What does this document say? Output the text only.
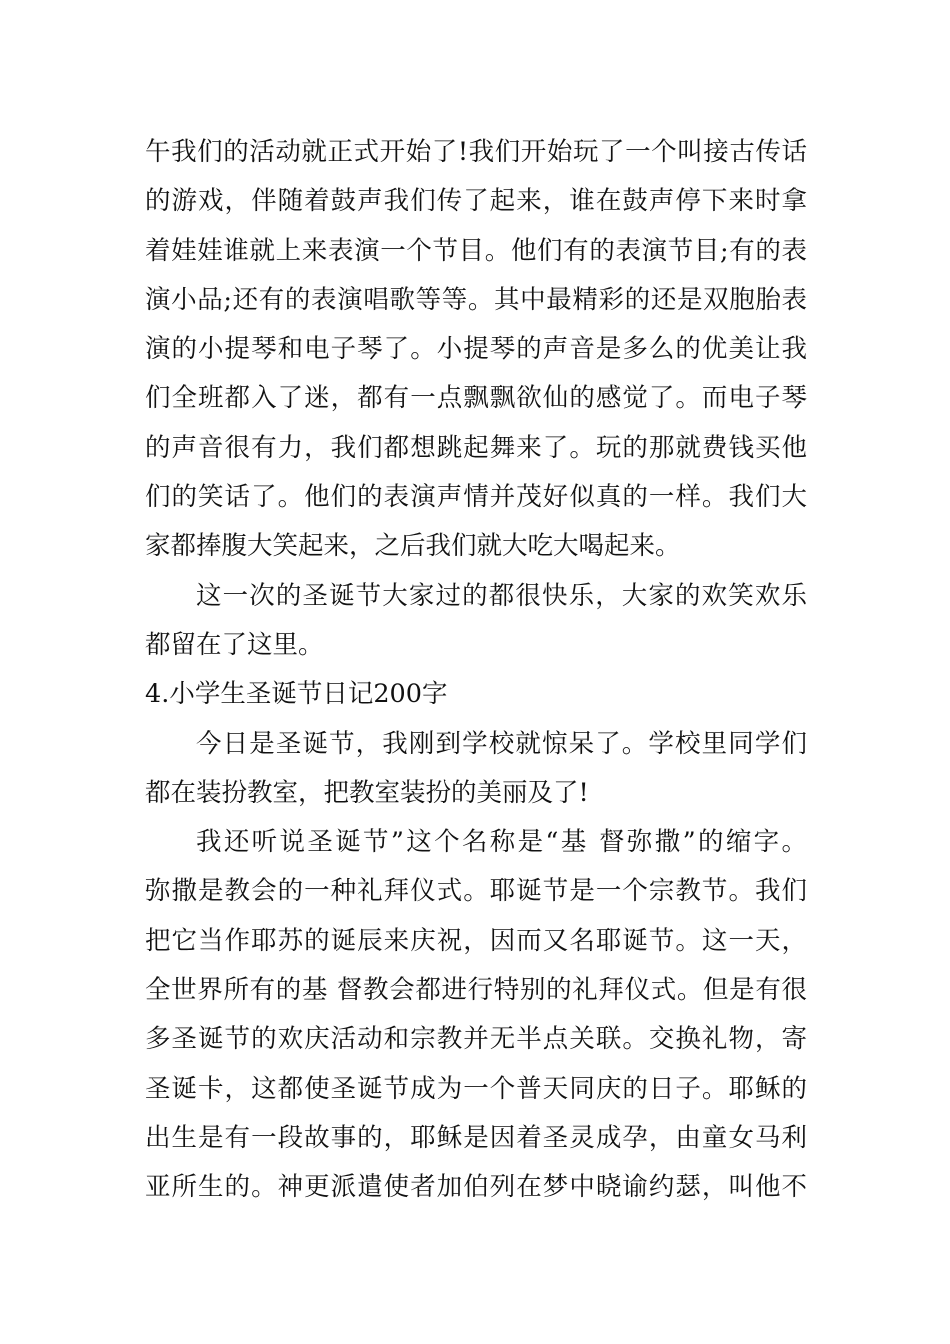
午我们的活动就正式开始了!我们开始玩了一个叫接古传话
的游戏，伴随着鼓声我们传了起来，谁在鼓声停下来时拿
着娃娃谁就上来表演一个节目。他们有的表演节目;有的表
演小品;还有的表演唱歌等等。其中最精彩的还是双胞胎表
演的小提琴和电子琴了。小提琴的声音是多么的优美让我
们全班都入了迷，都有一点飘飘欲仙的感觉了。而电子琴
的声音很有力，我们都想跳起舞来了。玩的那就费钱买他
们的笑话了。他们的表演声情并茂好似真的一样。我们大
家都捧腹大笑起来，之后我们就大吃大喝起来。
这一次的圣诞节大家过的都很快乐，大家的欢笑欢乐
都留在了这里。
4.小学生圣诞节日记200字
今日是圣诞节，我刚到学校就惊呆了。学校里同学们
都在装扮教室，把教室装扮的美丽及了!
我还听说圣诞节”这个名称是“基 督弥撒”的缩字。
弥撒是教会的一种礼拜仪式。耶诞节是一个宗教节。我们
把它当作耶苏的诞辰来庆祝，因而又名耶诞节。这一天，
全世界所有的基 督教会都进行特别的礼拜仪式。但是有很
多圣诞节的欢庆活动和宗教并无半点关联。交换礼物，寄
圣诞卡，这都使圣诞节成为一个普天同庆的日子。耶稣的
出生是有一段故事的，耶稣是因着圣灵成孕，由童女马利
亚所生的。神更派遣使者加伯列在梦中晓谕约瑟，叫他不
